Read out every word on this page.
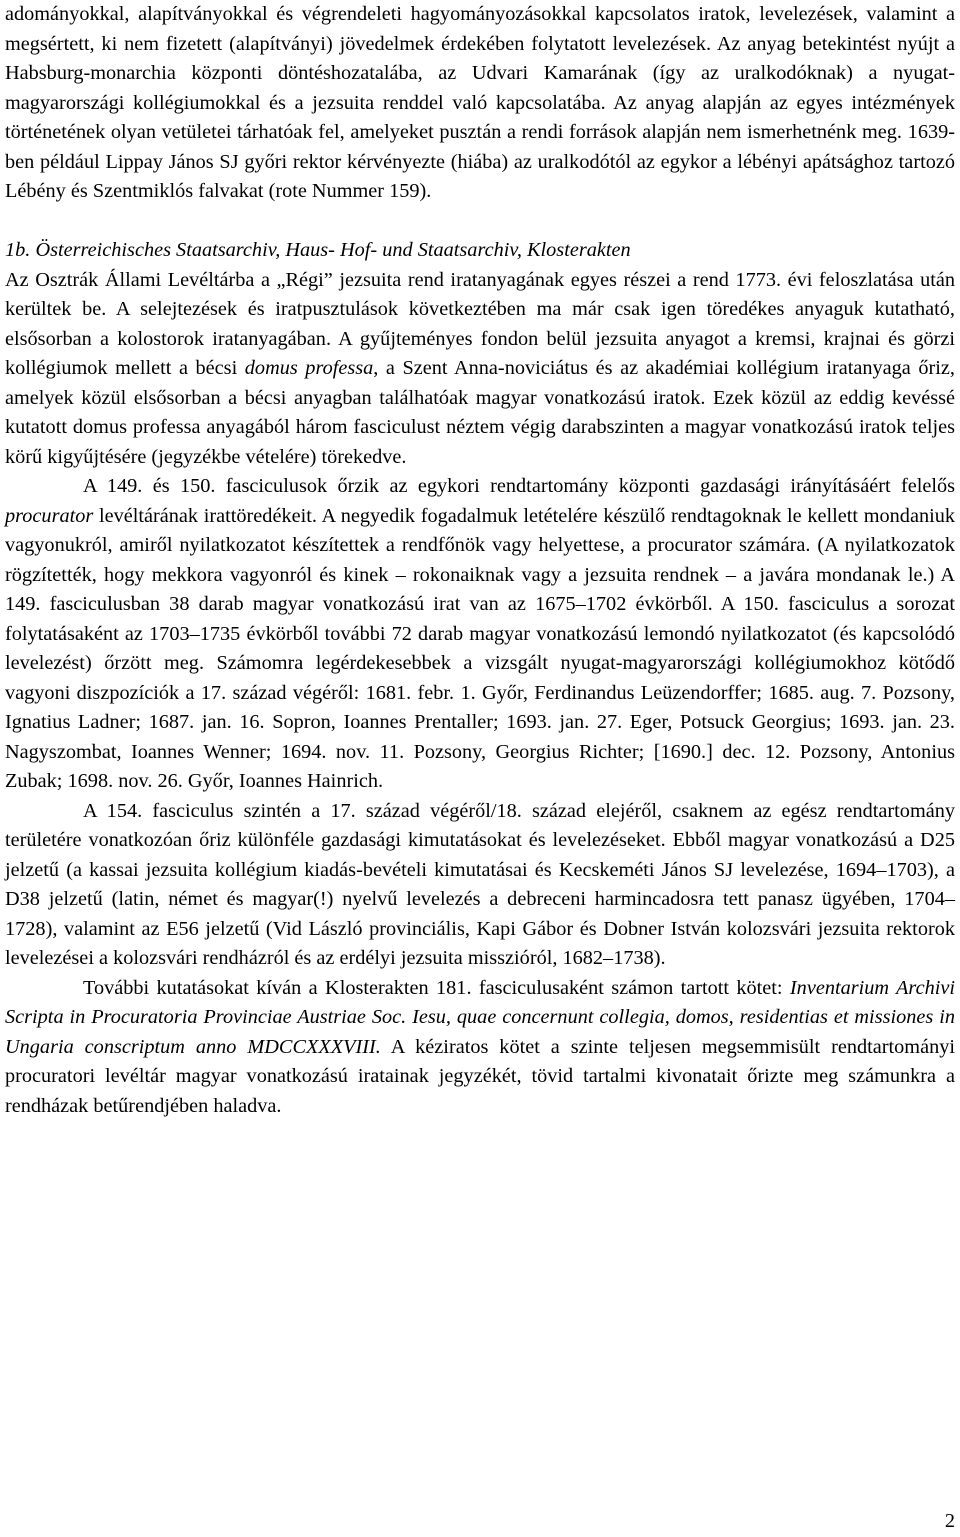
adományokkal, alapítványokkal és végrendeleti hagyományozásokkal kapcsolatos iratok, levelezések, valamint a megsértett, ki nem fizetett (alapítványi) jövedelmek érdekében folytatott levelezések. Az anyag betekintést nyújt a Habsburg-monarchia központi döntéshozatalába, az Udvari Kamarának (így az uralkodóknak) a nyugat-magyarországi kollégiumokkal és a jezsuita renddel való kapcsolatába. Az anyag alapján az egyes intézmények történetének olyan vetületei tárhatóak fel, amelyeket pusztán a rendi források alapján nem ismerhetnénk meg. 1639-ben például Lippay János SJ győri rektor kérvényezte (hiába) az uralkodótól az egykor a lébényi apátsághoz tartozó Lébény és Szentmiklós falvakat (rote Nummer 159).

1b. Österreichisches Staatsarchiv, Haus- Hof- und Staatsarchiv, Klosterakten

Az Osztrák Állami Levéltárba a „Régi” jezsuita rend iratanyagának egyes részei a rend 1773. évi feloszlatása után kerültek be. A selejtezések és iratpusztulások következtében ma már csak igen töredékes anyaguk kutatható, elsősorban a kolostorok iratanyagában. A gyűjteményes fondon belül jezsuita anyagot a kremsi, krajnai és görzi kollégiumok mellett a bécsi domus professa, a Szent Anna-noviciátus és az akadémiai kollégium iratanyaga őriz, amelyek közül elsősorban a bécsi anyagban találhatóak magyar vonatkozású iratok. Ezek közül az eddig kevéssé kutatott domus professa anyagából három fasciculust néztem végig darabszinten a magyar vonatkozású iratok teljes körű kigyűjtésére (jegyzékbe vételére) törekedve.

A 149. és 150. fasciculusok őrzik az egykori rendtartomány központi gazdasági irányításáért felelős procurator levéltárának irattöredékeit. A negyedik fogadalmuk letételére készülő rendtagoknak le kellett mondaniuk vagyonukról, amiről nyilatkozatot készítettek a rendfőnök vagy helyettese, a procurator számára. (A nyilatkozatok rögzítették, hogy mekkora vagyonról és kinek – rokonaiknak vagy a jezsuita rendnek – a javára mondanak le.) A 149. fasciculusban 38 darab magyar vonatkozású irat van az 1675–1702 évkörből. A 150. fasciculus a sorozat folytatásaként az 1703–1735 évkörből további 72 darab magyar vonatkozású lemondó nyilatkozatot (és kapcsolódó levelezést) őrzött meg. Számomra legérdekesebbek a vizsgált nyugat-magyarországi kollégiumokhoz kötődő vagyoni diszpozíciók a 17. század végéről: 1681. febr. 1. Győr, Ferdinandus Leüzendorffer; 1685. aug. 7. Pozsony, Ignatius Ladner; 1687. jan. 16. Sopron, Ioannes Prentaller; 1693. jan. 27. Eger, Potsuck Georgius; 1693. jan. 23. Nagyszombat, Ioannes Wenner; 1694. nov. 11. Pozsony, Georgius Richter; [1690.] dec. 12. Pozsony, Antonius Zubak; 1698. nov. 26. Győr, Ioannes Hainrich.

A 154. fasciculus szintén a 17. század végéről/18. század elejéről, csaknem az egész rendtartomány területére vonatkozóan őriz különféle gazdasági kimutatásokat és levelezéseket. Ebből magyar vonatkozású a D25 jelzetű (a kassai jezsuita kollégium kiadás-bevételi kimutatásai és Kecskeméti János SJ levelezése, 1694–1703), a D38 jelzetű (latin, német és magyar(!) nyelvű levelezés a debreceni harmincadosra tett panasz ügyében, 1704–1728), valamint az E56 jelzetű (Vid László provinciális, Kapi Gábor és Dobner István kolozsvári jezsuita rektorok levelezései a kolozsvári rendházról és az erdélyi jezsuita misszióról, 1682–1738).

További kutatásokat kíván a Klosterakten 181. fasciculusaként számon tartott kötet: Inventarium Archivi Scripta in Procuratoria Provinciae Austriae Soc. Iesu, quae concernunt collegia, domos, residentias et missiones in Ungaria conscriptum anno MDCCXXXVIII. A kéziratos kötet a szinte teljesen megsemmisült rendtartományi procuratori levéltár magyar vonatkozású iratainak jegyzékét, tövid tartalmi kivonatait őrizte meg számunkra a rendházak betűrendjében haladva.

2
